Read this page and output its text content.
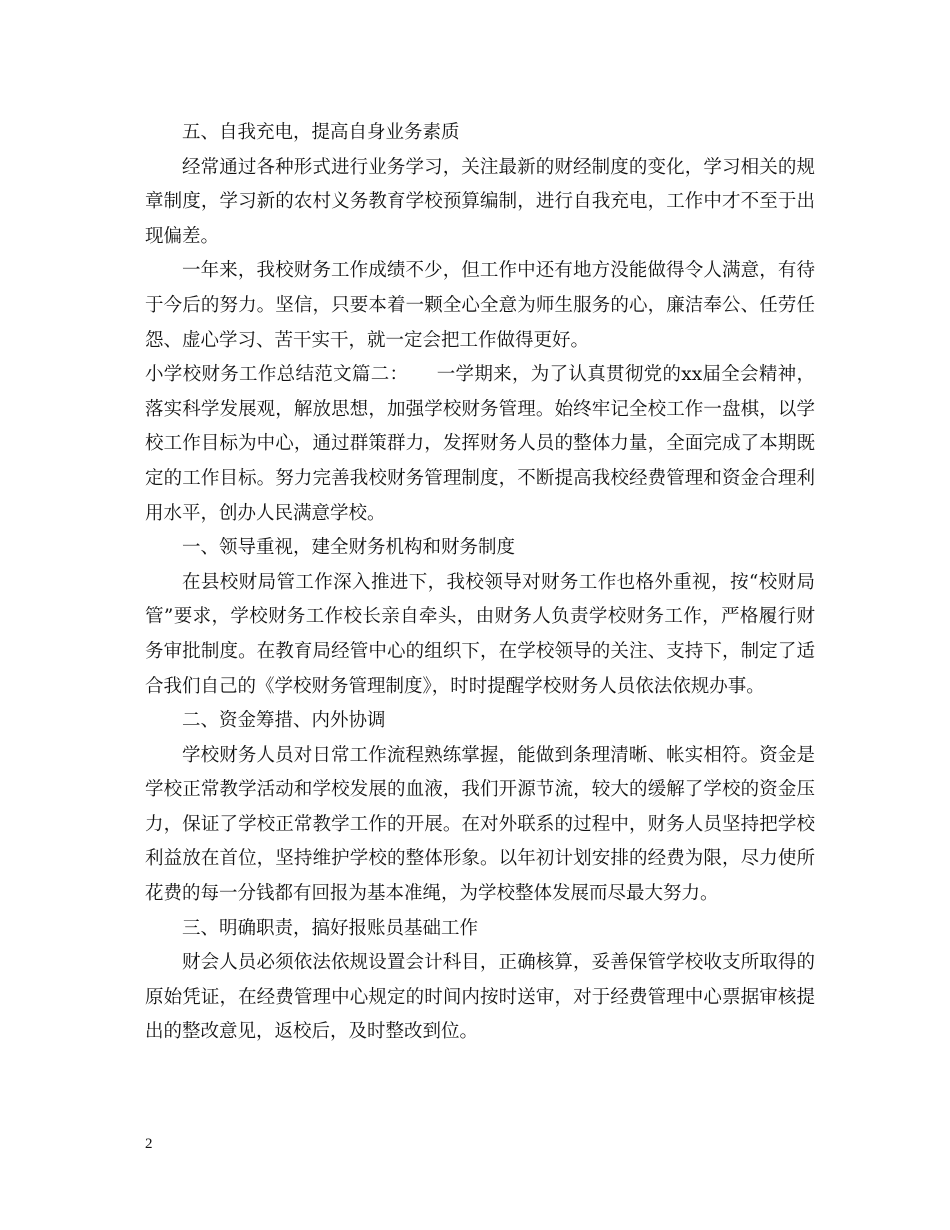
五、自我充电，提高自身业务素质

经常通过各种形式进行业务学习，关注最新的财经制度的变化，学习相关的规章制度，学习新的农村义务教育学校预算编制，进行自我充电，工作中才不至于出现偏差。

一年来，我校财务工作成绩不少，但工作中还有地方没能做得令人满意，有待于今后的努力。坚信，只要本着一颗全心全意为师生服务的心，廉洁奉公、任劳任怨、虚心学习、苦干实干，就一定会把工作做得更好。

小学校财务工作总结范文篇二：　　一学期来，为了认真贯彻党的xx届全会精神，落实科学发展观，解放思想，加强学校财务管理。始终牢记全校工作一盘棋，以学校工作目标为中心，通过群策群力，发挥财务人员的整体力量，全面完成了本期既定的工作目标。努力完善我校财务管理制度，不断提高我校经费管理和资金合理利用水平，创办人民满意学校。

一、领导重视，建全财务机构和财务制度

在县校财局管工作深入推进下，我校领导对财务工作也格外重视，按“校财局管”要求，学校财务工作校长亲自牵头，由财务人负责学校财务工作，严格履行财务审批制度。在教育局经管中心的组织下，在学校领导的关注、支持下，制定了适合我们自己的《学校财务管理制度》，时时提醒学校财务人员依法依规办事。

二、资金筹措、内外协调

学校财务人员对日常工作流程熟练掌握，能做到条理清晰、帐实相符。资金是学校正常教学活动和学校发展的血液，我们开源节流，较大的缓解了学校的资金压力，保证了学校正常教学工作的开展。在对外联系的过程中，财务人员坚持把学校利益放在首位，坚持维护学校的整体形象。以年初计划安排的经费为限，尽力使所花费的每一分钱都有回报为基本准绳，为学校整体发展而尽最大努力。

三、明确职责，搞好报账员基础工作

财会人员必须依法依规设置会计科目，正确核算，妥善保管学校收支所取得的原始凭证，在经费管理中心规定的时间内按时送审，对于经费管理中心票据审核提出的整改意见，返校后，及时整改到位。

2
